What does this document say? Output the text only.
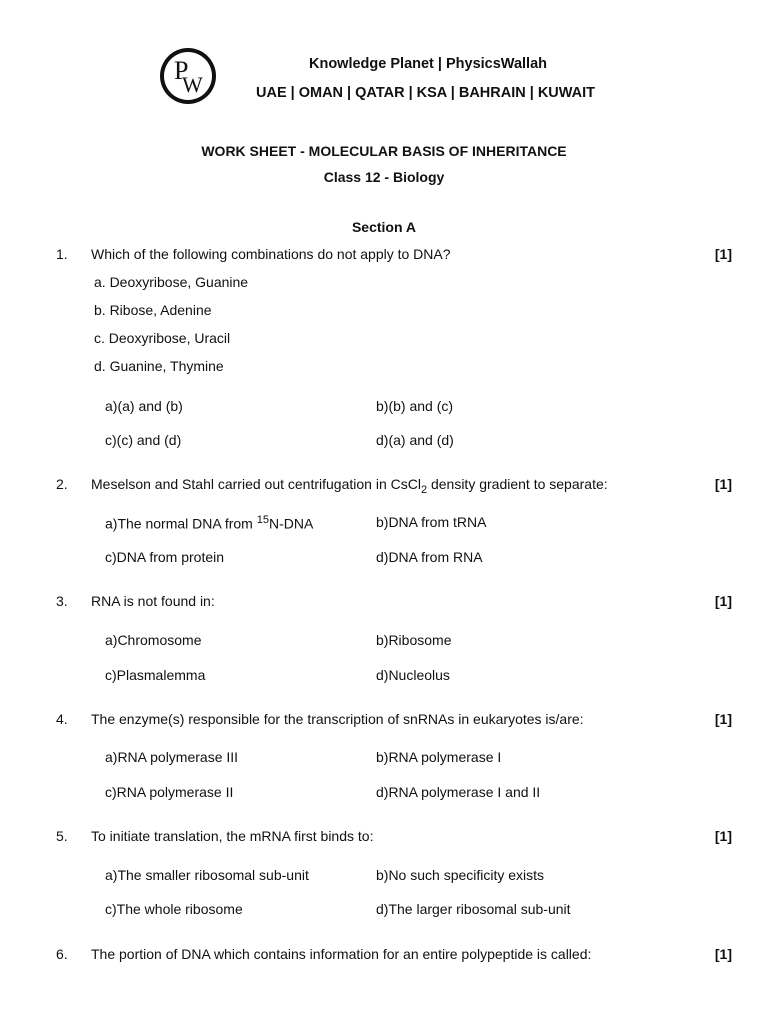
P
W
Knowledge Planet | PhysicsWallah
UAE | OMAN | QATAR | KSA | BAHRAIN | KUWAIT
WORK SHEET - MOLECULAR BASIS OF INHERITANCE
Class 12 - Biology
Section A
1. Which of the following combinations do not apply to DNA?	[1]
a. Deoxyribose, Guanine
b. Ribose, Adenine
c. Deoxyribose, Uracil
d. Guanine, Thymine
a)(a) and (b)	b)(b) and (c)
c)(c) and (d)	d)(a) and (d)
2. Meselson and Stahl carried out centrifugation in CsCl$_2$ density gradient to separate:	[1]
a)The normal DNA from $^{15}$N-DNA	b)DNA from tRNA
c)DNA from protein	d)DNA from RNA
3. RNA is not found in:	[1]
a)Chromosome	b)Ribosome
c)Plasmalemma	d)Nucleolus
4. The enzyme(s) responsible for the transcription of snRNAs in eukaryotes is/are:	[1]
a)RNA polymerase III	b)RNA polymerase I
c)RNA polymerase II	d)RNA polymerase I and II
5. To initiate translation, the mRNA first binds to:	[1]
a)The smaller ribosomal sub-unit	b)No such specificity exists
c)The whole ribosome	d)The larger ribosomal sub-unit
6. The portion of DNA which contains information for an entire polypeptide is called:	[1]
